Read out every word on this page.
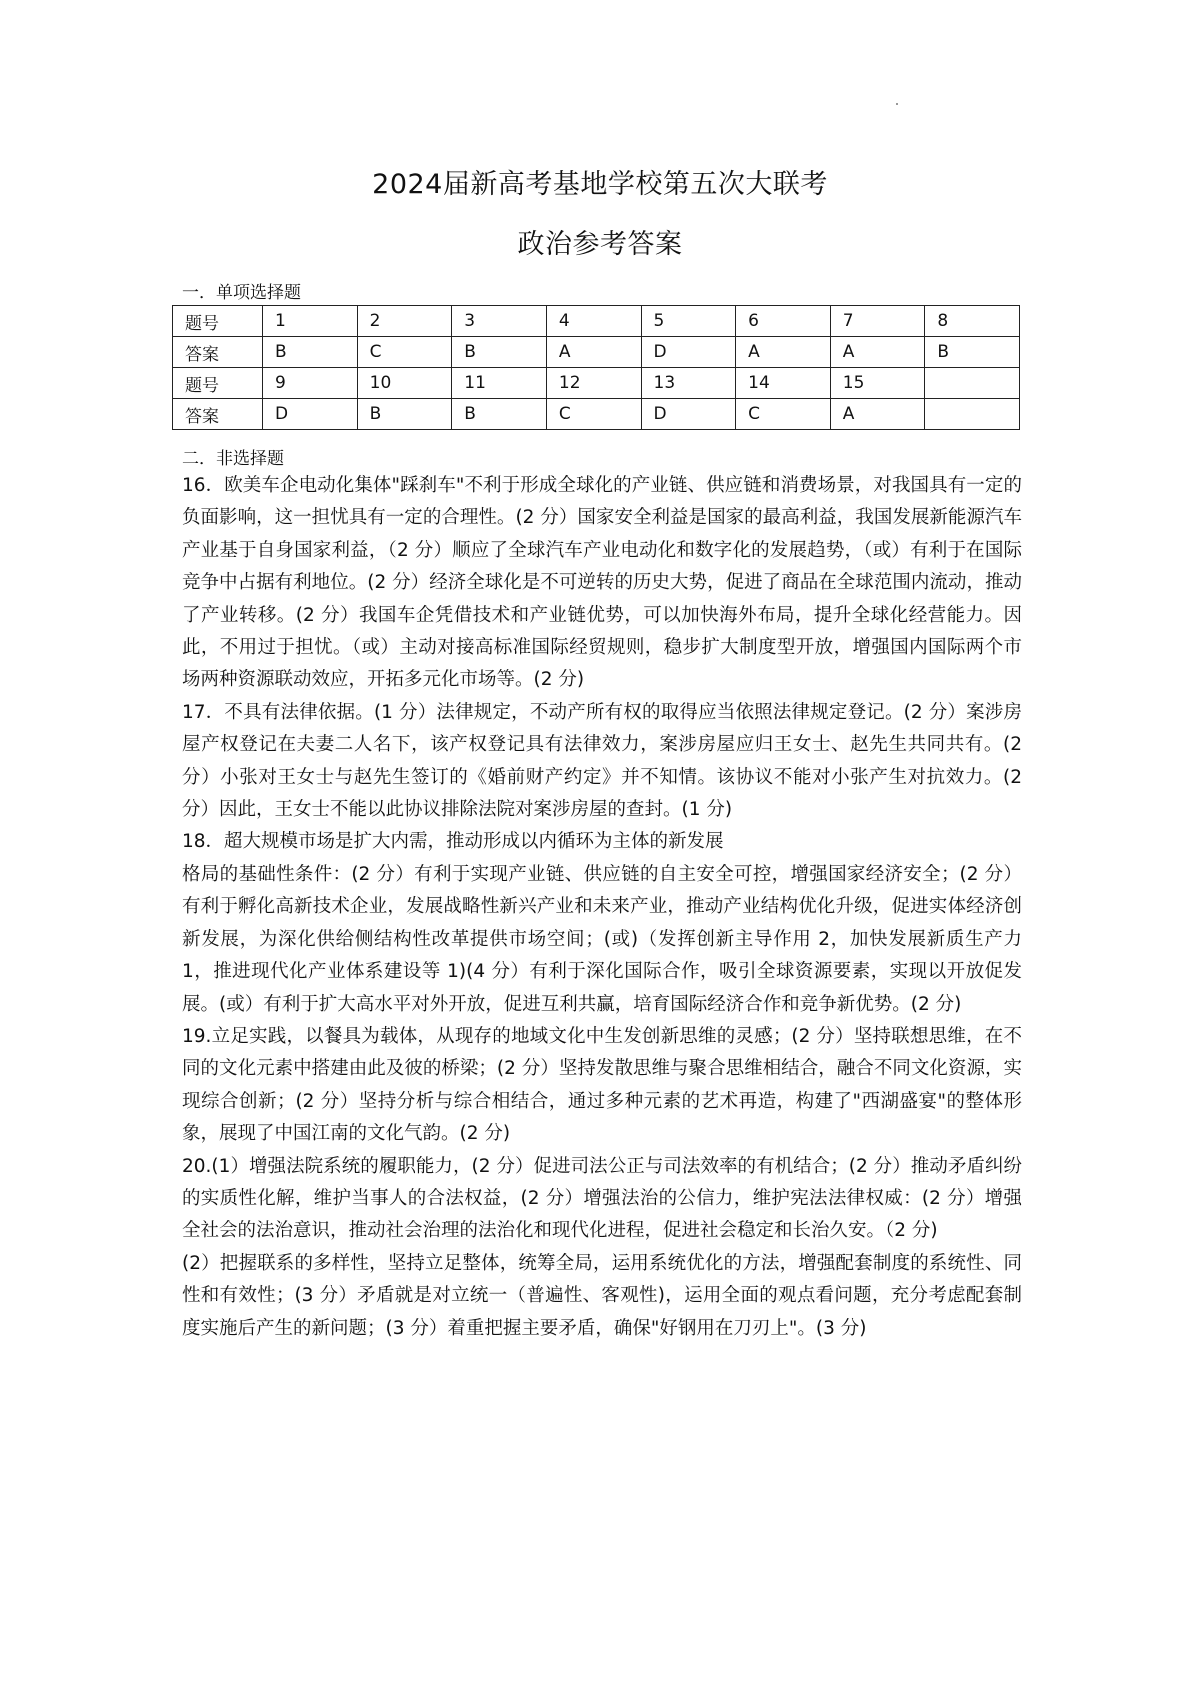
2024届新高考基地学校第五次大联考
政治参考答案
一．单项选择题
题号	1	2	3	4	5	6	7	8
答案	B	C	B	A	D	A	A	B
题号	9	10	11	12	13	14	15	
答案	D	B	B	C	D	C	A	
二．非选择题

16．欧美车企电动化集体"踩刹车"不利于形成全球化的产业链、供应链和消费场景，对我国具有一定的负面影响，这一担忧具有一定的合理性。(2 分）国家安全利益是国家的最高利益，我国发展新能源汽车产业基于自身国家利益，（2 分）顺应了全球汽车产业电动化和数字化的发展趋势，（或）有利于在国际竞争中占据有利地位。(2 分）经济全球化是不可逆转的历史大势，促进了商品在全球范围内流动，推动了产业转移。(2 分）我国车企凭借技术和产业链优势，可以加快海外布局，提升全球化经营能力。因此，不用过于担忧。（或）主动对接高标准国际经贸规则，稳步扩大制度型开放，增强国内国际两个市场两种资源联动效应，开拓多元化市场等。(2 分)

17．不具有法律依据。(1 分）法律规定，不动产所有权的取得应当依照法律规定登记。(2 分）案涉房屋产权登记在夫妻二人名下，该产权登记具有法律效力，案涉房屋应归王女士、赵先生共同共有。(2 分）小张对王女士与赵先生签订的《婚前财产约定》并不知情。该协议不能对小张产生对抗效力。(2 分）因此，王女士不能以此协议排除法院对案涉房屋的查封。(1 分)

18．超大规模市场是扩大内需，推动形成以内循环为主体的新发展

格局的基础性条件：(2 分）有利于实现产业链、供应链的自主安全可控，增强国家经济安全；(2 分）有利于孵化高新技术企业，发展战略性新兴产业和未来产业，推动产业结构优化升级，促进实体经济创新发展，为深化供给侧结构性改革提供市场空间；(或)（发挥创新主导作用 2，加快发展新质生产力 1，推进现代化产业体系建设等 1)(4 分）有利于深化国际合作，吸引全球资源要素，实现以开放促发展。(或）有利于扩大高水平对外开放，促进互利共赢，培育国际经济合作和竞争新优势。(2 分)

19.立足实践，以餐具为载体，从现存的地域文化中生发创新思维的灵感；(2 分）坚持联想思维，在不同的文化元素中搭建由此及彼的桥梁；(2 分）坚持发散思维与聚合思维相结合，融合不同文化资源，实现综合创新；(2 分）坚持分析与综合相结合，通过多种元素的艺术再造，构建了"西湖盛宴"的整体形象，展现了中国江南的文化气韵。(2 分)

20.(1）增强法院系统的履职能力，(2 分）促进司法公正与司法效率的有机结合；(2 分）推动矛盾纠纷的实质性化解，维护当事人的合法权益，(2 分）增强法治的公信力，维护宪法法律权威：(2 分）增强全社会的法治意识，推动社会治理的法治化和现代化进程，促进社会稳定和长治久安。（2 分)

(2）把握联系的多样性，坚持立足整体，统筹全局，运用系统优化的方法，增强配套制度的系统性、同性和有效性；(3 分）矛盾就是对立统一（普遍性、客观性)，运用全面的观点看问题，充分考虑配套制度实施后产生的新问题；(3 分）着重把握主要矛盾，确保"好钢用在刀刃上"。(3 分)
